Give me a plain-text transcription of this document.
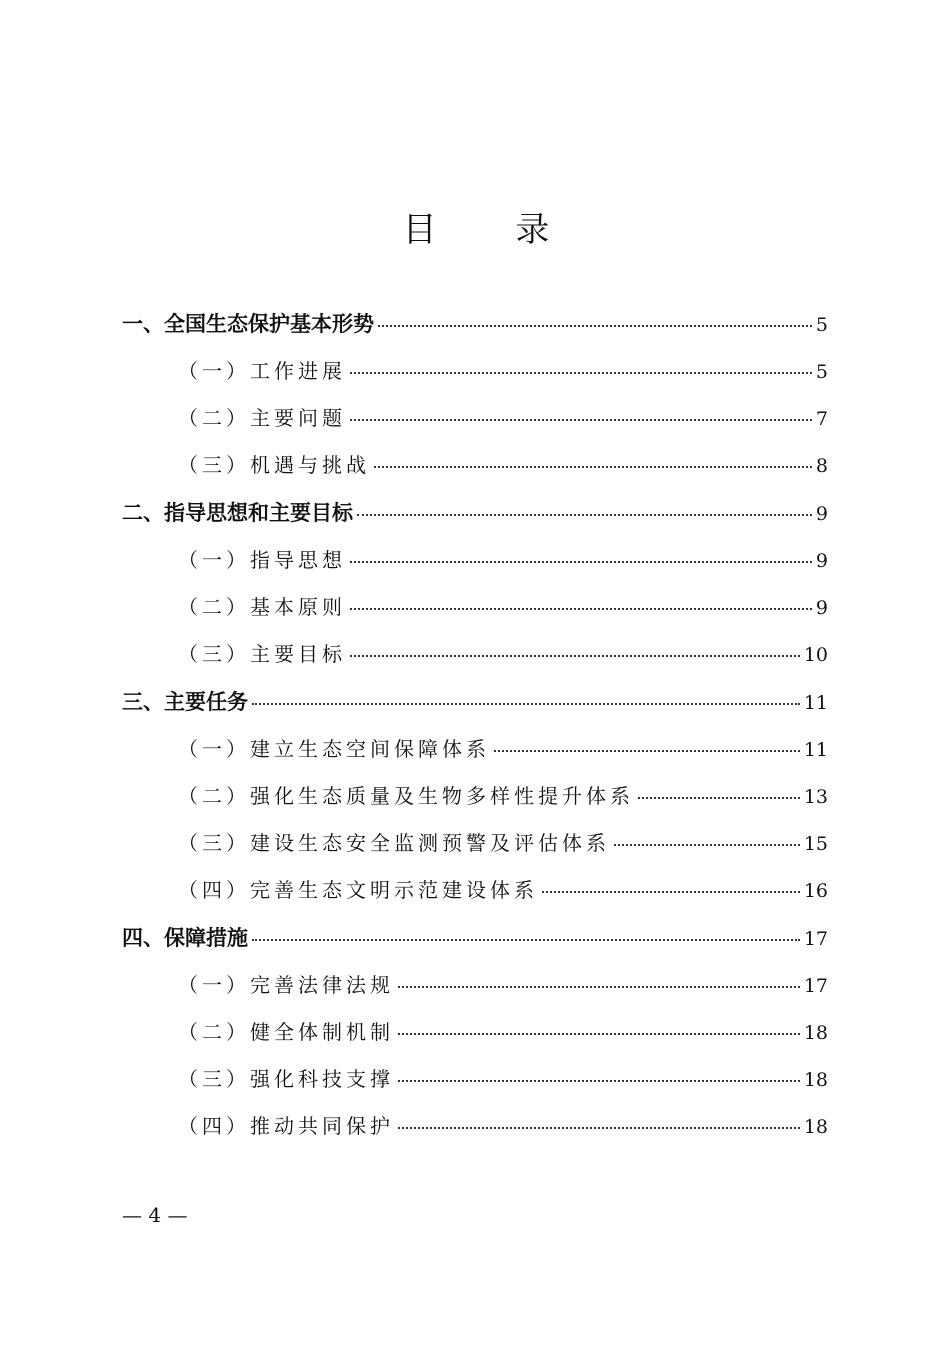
目 录
一、全国生态保护基本形势	5
（一）工作进展	5
（二）主要问题	7
（三）机遇与挑战	8
二、指导思想和主要目标	9
（一）指导思想	9
（二）基本原则	9
（三）主要目标	10
三、主要任务	11
（一）建立生态空间保障体系	11
（二）强化生态质量及生物多样性提升体系	13
（三）建设生态安全监测预警及评估体系	15
（四）完善生态文明示范建设体系	16
四、保障措施	17
（一）完善法律法规	17
（二）健全体制机制	18
（三）强化科技支撑	18
（四）推动共同保护	18
— 4 —
